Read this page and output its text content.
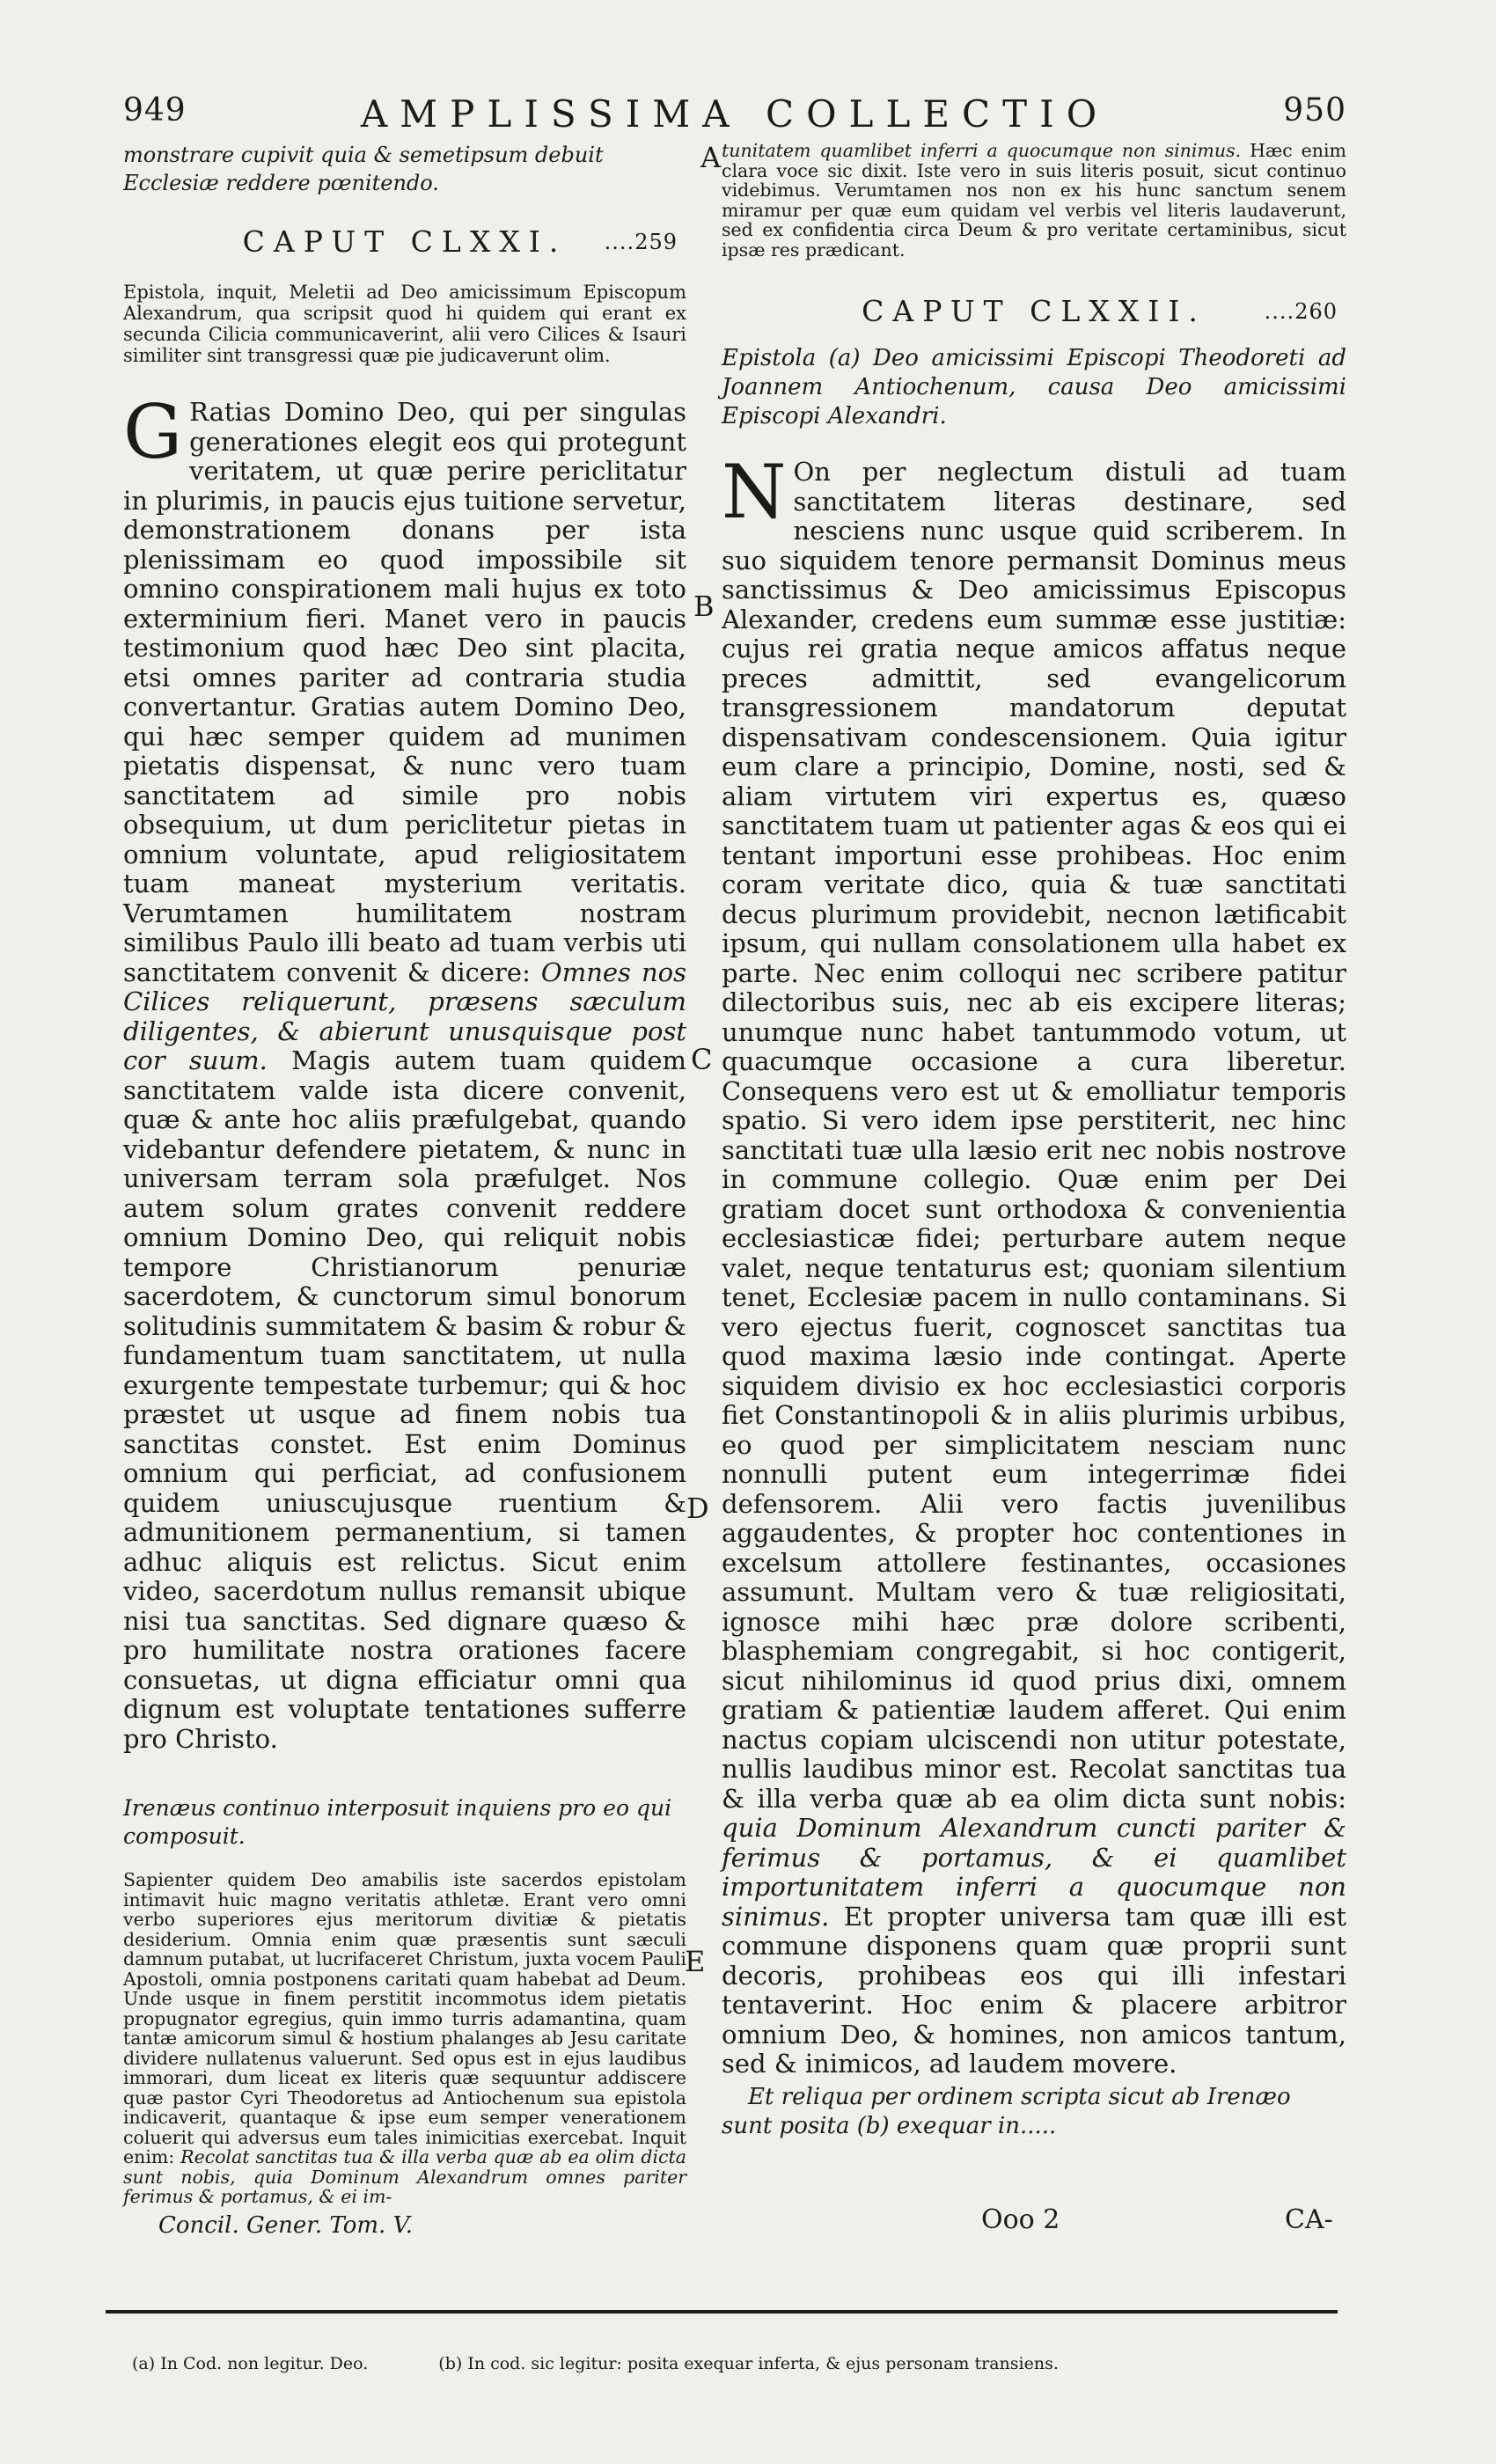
949	AMPLISSIMA COLLECTIO	950

monstrare cupivit quia & semetipsum debuit Ecclesiæ reddere pœnitendo.

CAPUT CLXXI. ....259

Epistola, inquit, Meletii ad Deo amicissimum Episcopum Alexandrum, qua scripsit quod hi quidem qui erant ex secunda Cilicia communicaverint, alii vero Cilices & Isauri similiter sint transgressi quæ pie judicaverunt olim.

G Ratias Domino Deo, qui per singulas generationes elegit eos qui protegunt veritatem, ut quæ perire periclitatur in plurimis, in paucis ejus tuitione servetur, demonstrationem donans per ista plenissimam eo quod impossibile sit omnino conspirationem mali hujus ex toto exterminium fieri. Manet vero in paucis testimonium quod hæc Deo sint placita, etsi omnes pariter ad contraria studia convertantur. Gratias autem Domino Deo, qui hæc semper quidem ad munimen pietatis dispensat, & nunc vero tuam sanctitatem ad simile pro nobis obsequium, ut dum periclitetur pietas in omnium voluntate, apud religiositatem tuam maneat mysterium veritatis. Verumtamen humilitatem nostram similibus Paulo illi beato ad tuam verbis uti sanctitatem convenit & dicere: Omnes nos Cilices reliquerunt, præsens sæculum diligentes, & abierunt unusquisque post cor suum. Magis autem tuam quidem sanctitatem valde ista dicere convenit, quæ & ante hoc aliis præfulgebat, quando videbantur defendere pietatem, & nunc in universam terram sola præfulget. Nos autem solum grates convenit reddere omnium Domino Deo, qui reliquit nobis tempore Christianorum penuriæ sacerdotem, & cunctorum simul bonorum solitudinis summitatem & basim & robur & fundamentum tuam sanctitatem, ut nulla exurgente tempestate turbemur; qui & hoc præstet ut usque ad finem nobis tua sanctitas constet. Est enim Dominus omnium qui perficiat, ad confusionem quidem uniuscujusque ruentium & admunitionem permanentium, si tamen adhuc aliquis est relictus. Sicut enim video, sacerdotum nullus remansit ubique nisi tua sanctitas. Sed dignare quæso & pro humilitate nostra orationes facere consuetas, ut digna efficiatur omni qua dignum est voluptate tentationes sufferre pro Christo.

Irenæus continuo interposuit inquiens pro eo qui composuit.

Sapienter quidem Deo amabilis iste sacerdos epistolam intimavit huic magno veritatis athletæ. Erant vero omni verbo superiores ejus meritorum divitiæ & pietatis desiderium. Omnia enim quæ præsentis sunt sæculi damnum putabat, ut lucrifaceret Christum, juxta vocem Pauli Apostoli, omnia postponens caritati quam habebat ad Deum. Unde usque in finem perstitit incommotus idem pietatis propugnator egregius, quin immo turris adamantina, quam tantæ amicorum simul & hostium phalanges ab Jesu caritate dividere nullatenus valuerunt. Sed opus est in ejus laudibus immorari, dum liceat ex literis quæ sequuntur addiscere quæ pastor Cyri Theodoretus ad Antiochenum sua epistola indicaverit, quantaque & ipse eum semper venerationem coluerit qui adversus eum tales inimicitias exercebat. Inquit enim: Recolat sanctitas tua & illa verba quæ ab ea olim dicta sunt nobis, quia Dominum Alexandrum omnes pariter ferimus & portamus, & ei im-

Concil. Gener. Tom. V.

tunitatem quamlibet inferri a quocumque non sinimus. Hæc enim clara voce sic dixit. Iste vero in suis literis posuit, sicut continuo videbimus. Verumtamen nos non ex his hunc sanctum senem miramur per quæ eum quidam vel verbis vel literis laudaverunt, sed ex confidentia circa Deum & pro veritate certaminibus, sicut ipsæ res prædicant.

CAPUT CLXXII.	....260

Epistola (a) Deo amicissimi Episcopi Theodoreti ad Joannem Antiochenum, causa Deo amicissimi Episcopi Alexandri.

N On per neglectum distuli ad tuam sanctitatem literas destinare, sed nesciens nunc usque quid scriberem. In suo siquidem tenore permansit Dominus meus sanctissimus & Deo amicissimus Episcopus Alexander, credens eum summæ esse justitiæ: cujus rei gratia neque amicos affatus neque preces admittit, sed evangelicorum transgressionem mandatorum deputat dispensativam condescensionem. Quia igitur eum clare a principio, Domine, nosti, sed & aliam virtutem viri expertus es, quæso sanctitatem tuam ut patienter agas & eos qui ei tentant importuni esse prohibeas. Hoc enim coram veritate dico, quia & tuæ sanctitati decus plurimum providebit, necnon lætificabit ipsum, qui nullam consolationem ulla habet ex parte. Nec enim colloqui nec scribere patitur dilectoribus suis, nec ab eis excipere literas; unumque nunc habet tantummodo votum, ut quacumque occasione a cura liberetur. Consequens vero est ut & emolliatur temporis spatio. Si vero idem ipse perstiterit, nec hinc sanctitati tuæ ulla læsio erit nec nobis nostrove in commune collegio. Quæ enim per Dei gratiam docet sunt orthodoxa & convenientia ecclesiasticæ fidei; perturbare autem neque valet, neque tentaturus est; quoniam silentium tenet, Ecclesiæ pacem in nullo contaminans. Si vero ejectus fuerit, cognoscet sanctitas tua quod maxima læsio inde contingat. Aperte siquidem divisio ex hoc ecclesiastici corporis fiet Constantinopoli & in aliis plurimis urbibus, eo quod per simplicitatem nesciam nunc nonnulli putent eum integerrimæ fidei defensorem. Alii vero factis juvenilibus aggaudentes, & propter hoc contentiones in excelsum attollere festinantes, occasiones assumunt. Multam vero & tuæ religiositati, ignosce mihi hæc præ dolore scribenti, blasphemiam congregabit, si hoc contigerit, sicut nihilominus id quod prius dixi, omnem gratiam & patientiæ laudem afferet. Qui enim nactus copiam ulciscendi non utitur potestate, nullis laudibus minor est. Recolat sanctitas tua & illa verba quæ ab ea olim dicta sunt nobis: quia Dominum Alexandrum cuncti pariter & ferimus & portamus, & ei quamlibet importunitatem inferri a quocumque non sinimus. Et propter universa tam quæ illi est commune disponens quam quæ proprii sunt decoris, prohibeas eos qui illi infestari tentaverint. Hoc enim & placere arbitror omnium Deo, & homines, non amicos tantum, sed & inimicos, ad laudem movere.

Et reliqua per ordinem scripta sicut ab Irenæo sunt posita (b) exequar in.....

Ooo 2	CA-
A
B
C
D
E
(a) In Cod. non legitur. Deo.	(b) In cod. sic legitur: posita exequar inferta, & ejus personam transiens.
